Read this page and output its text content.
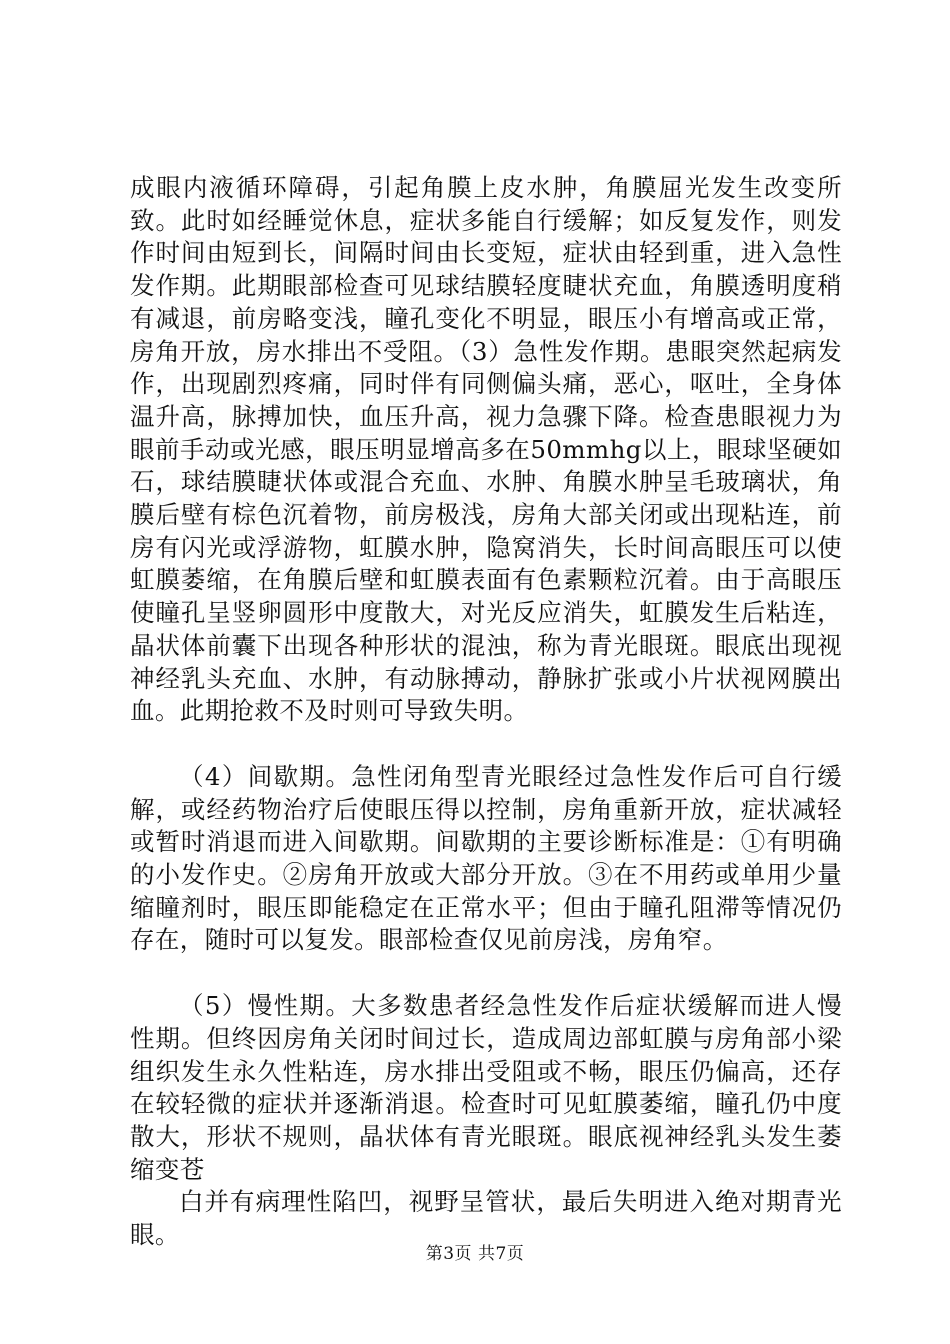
成眼内液循环障碍，引起角膜上皮水肿，角膜屈光发生改变所致。此时如经睡觉休息，症状多能自行缓解；如反复发作，则发作时间由短到长，间隔时间由长变短，症状由轻到重，进入急性发作期。此期眼部检查可见球结膜轻度睫状充血，角膜透明度稍有减退，前房略变浅，瞳孔变化不明显，眼压小有增高或正常，房角开放，房水排出不受阻。（3）急性发作期。患眼突然起病发作，出现剧烈疼痛，同时伴有同侧偏头痛，恶心，呕吐，全身体温升高，脉搏加快，血压升高，视力急骤下降。检查患眼视力为眼前手动或光感，眼压明显增高多在50mmhg以上，眼球坚硬如石，球结膜睫状体或混合充血、水肿、角膜水肿呈毛玻璃状，角膜后壁有棕色沉着物，前房极浅，房角大部关闭或出现粘连，前房有闪光或浮游物，虹膜水肿，隐窝消失，长时间高眼压可以使虹膜萎缩，在角膜后壁和虹膜表面有色素颗粒沉着。由于高眼压使瞳孔呈竖卵圆形中度散大，对光反应消失，虹膜发生后粘连，晶状体前囊下出现各种形状的混浊，称为青光眼斑。眼底出现视神经乳头充血、水肿，有动脉搏动，静脉扩张或小片状视网膜出血。此期抢救不及时则可导致失明。

（4）间歇期。急性闭角型青光眼经过急性发作后可自行缓解，或经药物治疗后使眼压得以控制，房角重新开放，症状减轻或暂时消退而进入间歇期。间歇期的主要诊断标准是：①有明确的小发作史。②房角开放或大部分开放。③在不用药或单用少量缩瞳剂时，眼压即能稳定在正常水平；但由于瞳孔阻滞等情况仍存在，随时可以复发。眼部检查仅见前房浅，房角窄。

（5）慢性期。大多数患者经急性发作后症状缓解而进人慢性期。但终因房角关闭时间过长，造成周边部虹膜与房角部小梁组织发生永久性粘连，房水排出受阻或不畅，眼压仍偏高，还存在较轻微的症状并逐渐消退。检查时可见虹膜萎缩，瞳孔仍中度散大，形状不规则，晶状体有青光眼斑。眼底视神经乳头发生萎缩变苍

白并有病理性陷凹，视野呈管状，最后失明进入绝对期青光眼。

第3页 共7页
